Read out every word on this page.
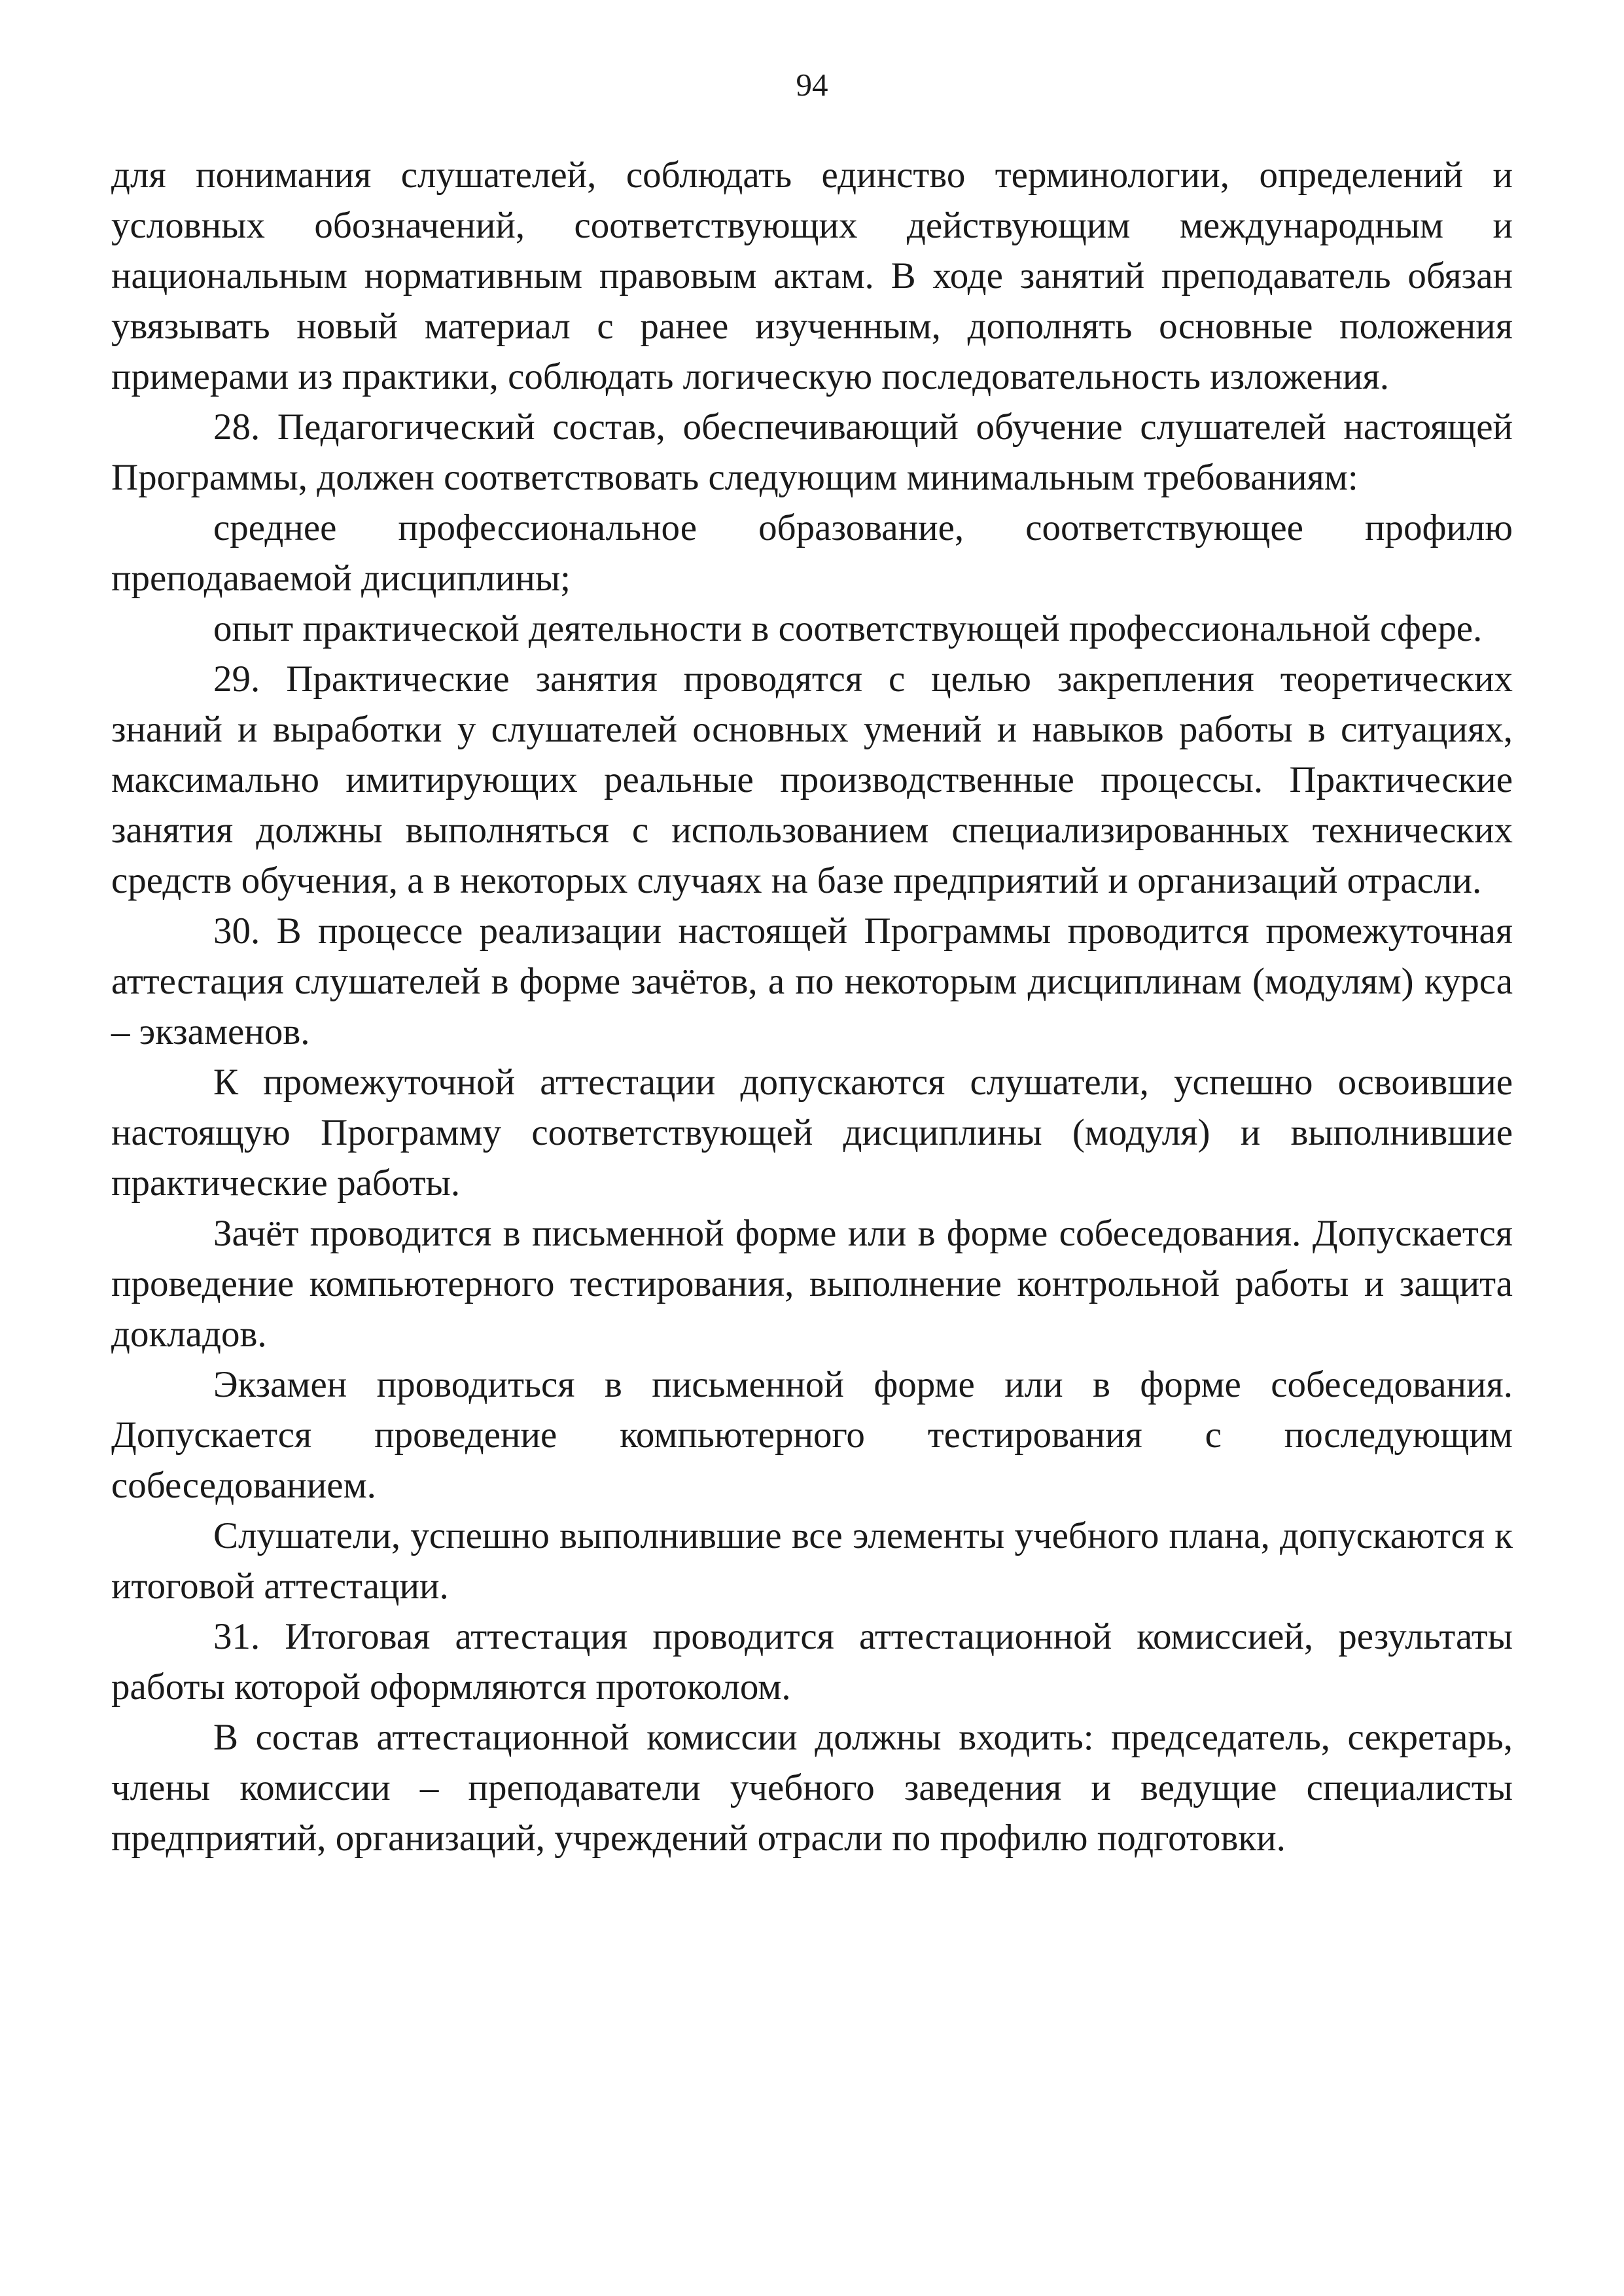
94

для понимания слушателей, соблюдать единство терминологии, определений и условных обозначений, соответствующих действующим международным и национальным нормативным правовым актам. В ходе занятий преподаватель обязан увязывать новый материал с ранее изученным, дополнять основные положения примерами из практики, соблюдать логическую последовательность изложения.

28. Педагогический состав, обеспечивающий обучение слушателей настоящей Программы, должен соответствовать следующим минимальным требованиям:

среднее профессиональное образование, соответствующее профилю преподаваемой дисциплины;

опыт практической деятельности в соответствующей профессиональной сфере.

29. Практические занятия проводятся с целью закрепления теоретических знаний и выработки у слушателей основных умений и навыков работы в ситуациях, максимально имитирующих реальные производственные процессы. Практические занятия должны выполняться с использованием специализированных технических средств обучения, а в некоторых случаях на базе предприятий и организаций отрасли.

30. В процессе реализации настоящей Программы проводится промежуточная аттестация слушателей в форме зачётов, а по некоторым дисциплинам (модулям) курса – экзаменов.

К промежуточной аттестации допускаются слушатели, успешно освоившие настоящую Программу соответствующей дисциплины (модуля) и выполнившие практические работы.

Зачёт проводится в письменной форме или в форме собеседования. Допускается проведение компьютерного тестирования, выполнение контрольной работы и защита докладов.

Экзамен проводиться в письменной форме или в форме собеседования. Допускается проведение компьютерного тестирования с последующим собеседованием.

Слушатели, успешно выполнившие все элементы учебного плана, допускаются к итоговой аттестации.

31. Итоговая аттестация проводится аттестационной комиссией, результаты работы которой оформляются протоколом.

В состав аттестационной комиссии должны входить: председатель, секретарь, члены комиссии – преподаватели учебного заведения и ведущие специалисты предприятий, организаций, учреждений отрасли по профилю подготовки.
